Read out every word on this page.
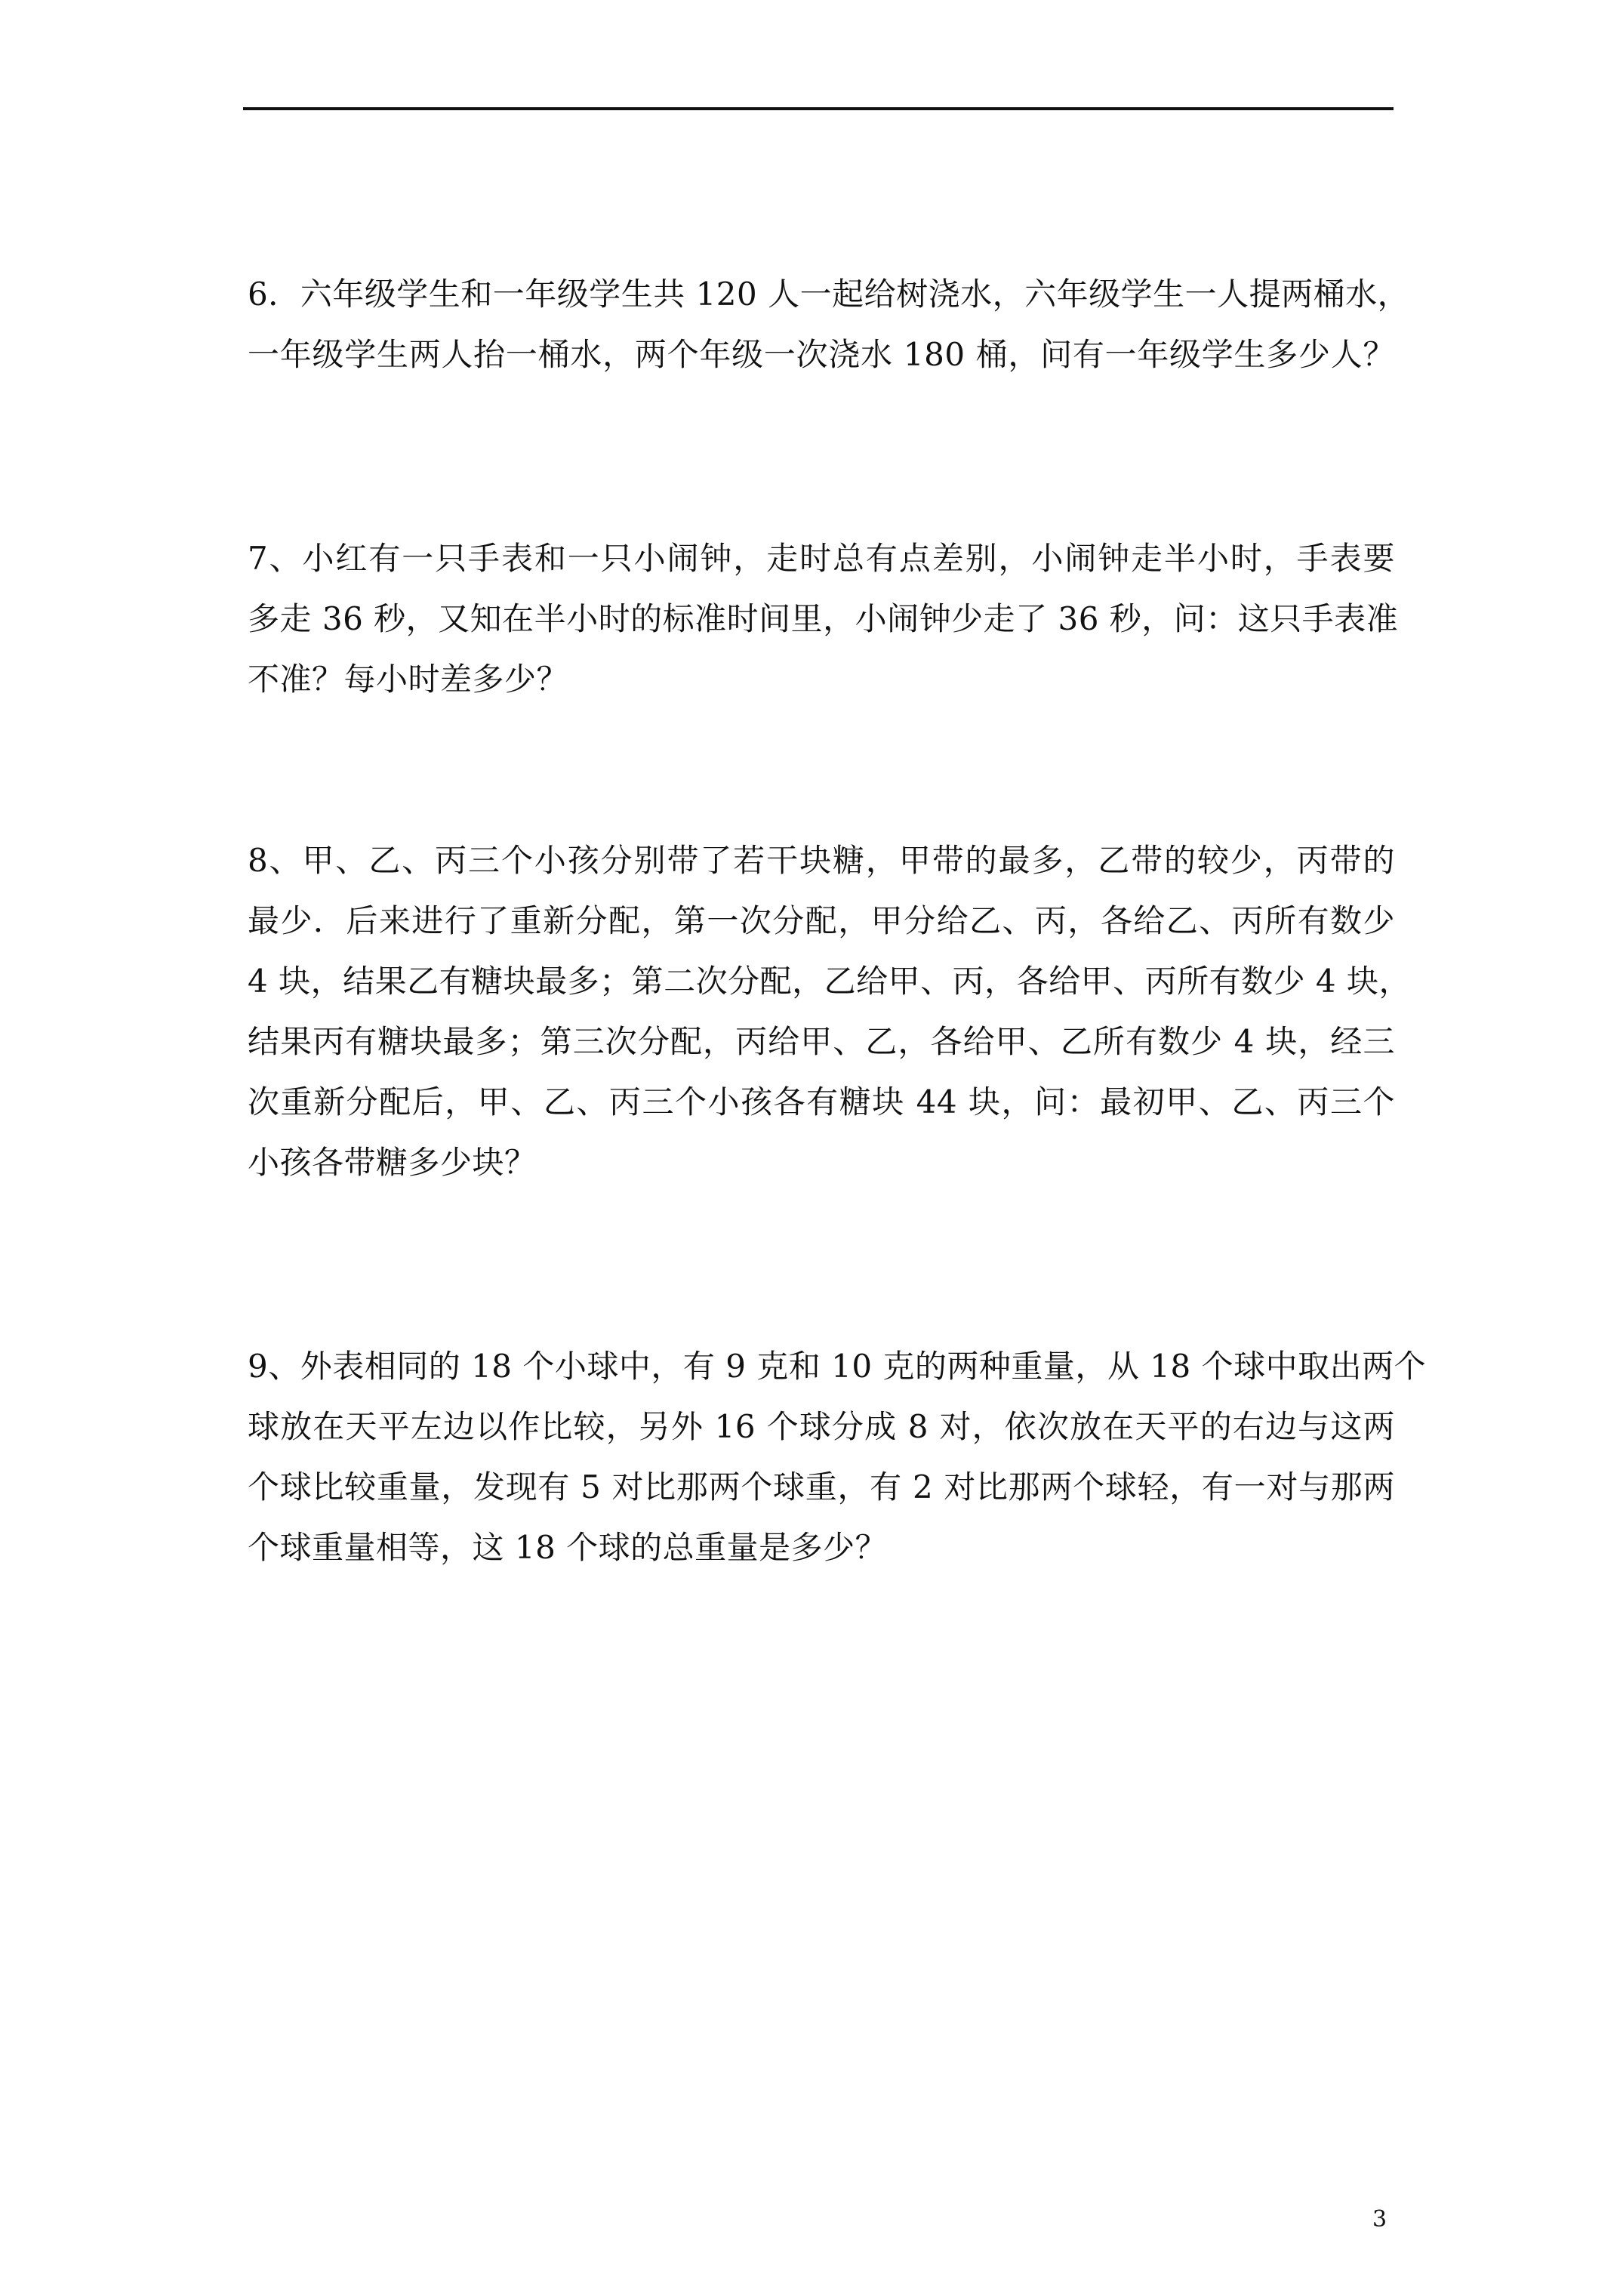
6．六年级学生和一年级学生共 120 人一起给树浇水，六年级学生一人提两桶水，
一年级学生两人抬一桶水，两个年级一次浇水 180 桶，问有一年级学生多少人？
7、小红有一只手表和一只小闹钟，走时总有点差别，小闹钟走半小时，手表要
多走 36 秒，又知在半小时的标准时间里，小闹钟少走了 36 秒，问：这只手表准
不准？每小时差多少？
8、甲、乙、丙三个小孩分别带了若干块糖，甲带的最多，乙带的较少，丙带的
最少．后来进行了重新分配，第一次分配，甲分给乙、丙，各给乙、丙所有数少
4 块，结果乙有糖块最多；第二次分配，乙给甲、丙，各给甲、丙所有数少 4 块，
结果丙有糖块最多；第三次分配，丙给甲、乙，各给甲、乙所有数少 4 块，经三
次重新分配后，甲、乙、丙三个小孩各有糖块 44 块，问：最初甲、乙、丙三个
小孩各带糖多少块？
9、外表相同的 18 个小球中，有 9 克和 10 克的两种重量，从 18 个球中取出两个
球放在天平左边以作比较，另外 16 个球分成 8 对，依次放在天平的右边与这两
个球比较重量，发现有 5 对比那两个球重，有 2 对比那两个球轻，有一对与那两
个球重量相等，这 18 个球的总重量是多少？
3
